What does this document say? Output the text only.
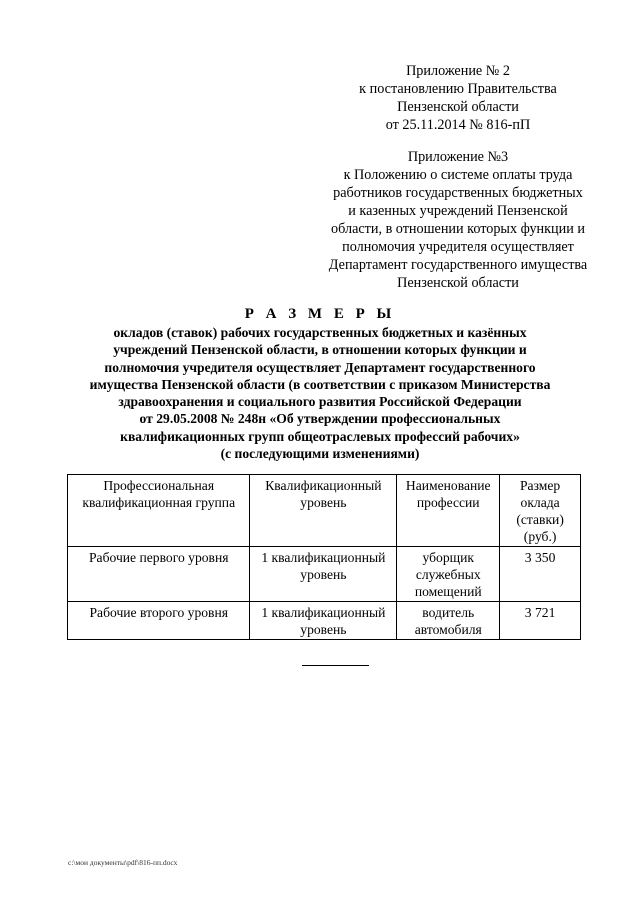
Приложение № 2
к постановлению Правительства
Пензенской области
от 25.11.2014 № 816-пП
Приложение №3
к Положению о системе оплаты труда
работников государственных бюджетных
и казенных учреждений Пензенской
области, в отношении которых функции и
полномочия учредителя осуществляет
Департамент государственного имущества
Пензенской области
Р А З М Е Р Ы
окладов (ставок) рабочих государственных бюджетных и казённых
учреждений Пензенской области, в отношении которых функции и
полномочия учредителя осуществляет Департамент государственного
имущества Пензенской области (в соответствии с приказом Министерства
здравоохранения и социального развития Российской Федерации
от 29.05.2008 № 248н «Об утверждении профессиональных
квалификационных групп общеотраслевых профессий рабочих»
(с последующими изменениями)
Профессиональная квалификационная группа	Квалификационный уровень	Наименование профессии	Размер оклада (ставки) (руб.)
Рабочие первого уровня	1 квалификационный уровень	уборщик служебных помещений	3 350
Рабочие второго уровня	1 квалификационный уровень	водитель автомобиля	3 721
c:\мои документы\pdf\816-пп.docx
